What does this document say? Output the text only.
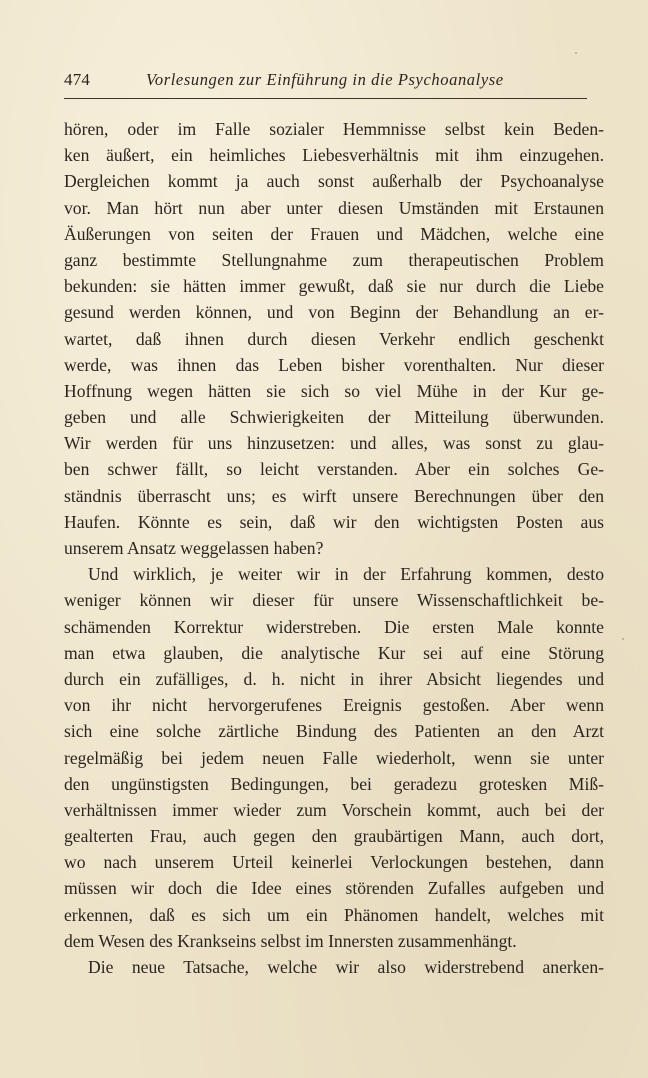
474	Vorlesungen zur Einführung in die Psychoanalyse
hören, oder im Falle sozialer Hemmnisse selbst kein Beden-
ken äußert, ein heimliches Liebesverhältnis mit ihm einzugehen.
Dergleichen kommt ja auch sonst außerhalb der Psychoanalyse
vor. Man hört nun aber unter diesen Umständen mit Erstaunen
Äußerungen von seiten der Frauen und Mädchen, welche eine
ganz bestimmte Stellungnahme zum therapeutischen Problem
bekunden: sie hätten immer gewußt, daß sie nur durch die Liebe
gesund werden können, und von Beginn der Behandlung an er-
wartet, daß ihnen durch diesen Verkehr endlich geschenkt
werde, was ihnen das Leben bisher vorenthalten. Nur dieser
Hoffnung wegen hätten sie sich so viel Mühe in der Kur ge-
geben und alle Schwierigkeiten der Mitteilung überwunden.
Wir werden für uns hinzusetzen: und alles, was sonst zu glau-
ben schwer fällt, so leicht verstanden. Aber ein solches Ge-
ständnis überrascht uns; es wirft unsere Berechnungen über den
Haufen. Könnte es sein, daß wir den wichtigsten Posten aus
unserem Ansatz weggelassen haben?
Und wirklich, je weiter wir in der Erfahrung kommen, desto
weniger können wir dieser für unsere Wissenschaftlichkeit be-
schämenden Korrektur widerstreben. Die ersten Male konnte
man etwa glauben, die analytische Kur sei auf eine Störung
durch ein zufälliges, d. h. nicht in ihrer Absicht liegendes und
von ihr nicht hervorgerufenes Ereignis gestoßen. Aber wenn
sich eine solche zärtliche Bindung des Patienten an den Arzt
regelmäßig bei jedem neuen Falle wiederholt, wenn sie unter
den ungünstigsten Bedingungen, bei geradezu grotesken Miß-
verhältnissen immer wieder zum Vorschein kommt, auch bei der
gealterten Frau, auch gegen den graubärtigen Mann, auch dort,
wo nach unserem Urteil keinerlei Verlockungen bestehen, dann
müssen wir doch die Idee eines störenden Zufalles aufgeben und
erkennen, daß es sich um ein Phänomen handelt, welches mit
dem Wesen des Krankseins selbst im Innersten zusammenhängt.
Die neue Tatsache, welche wir also widerstrebend anerken-
